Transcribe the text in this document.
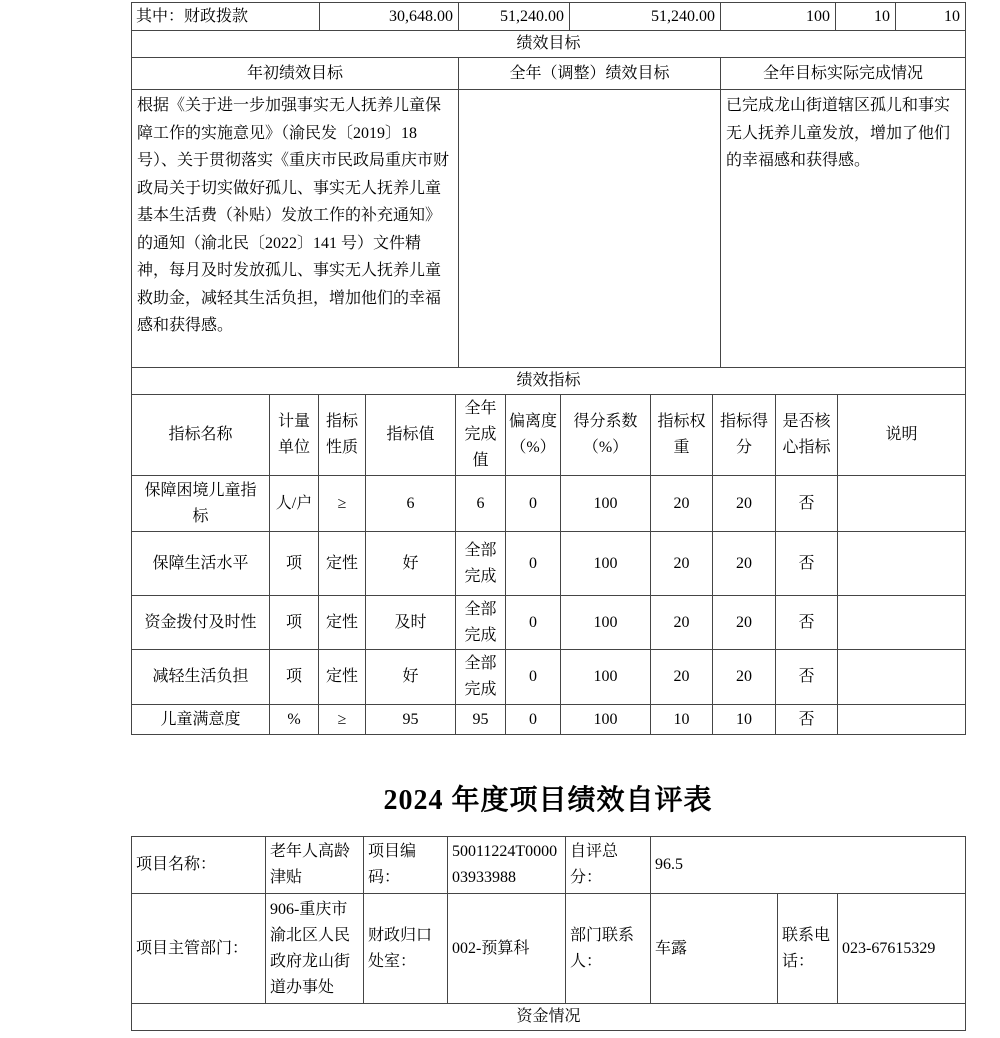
其中：财政拨款	30,648.00	51,240.00	51,240.00	100	10	10
绩效目标
年初绩效目标	全年（调整）绩效目标	全年目标实际完成情况
根据《关于进一步加强事实无人抚养儿童保障工作的实施意见》（渝民发〔2019〕18 号）、关于贯彻落实《重庆市民政局重庆市财政局关于切实做好孤儿、事实无人抚养儿童基本生活费（补贴）发放工作的补充通知》的通知（渝北民〔2022〕141 号）文件精神，每月及时发放孤儿、事实无人抚养儿童救助金，减轻其生活负担，增加他们的幸福感和获得感。		已完成龙山街道辖区孤儿和事实无人抚养儿童发放，增加了他们的幸福感和获得感。
绩效指标
指标名称	计量单位	指标性质	指标值	全年完成值	偏离度（%）	得分系数（%）	指标权重	指标得分	是否核心指标	说明
保障困境儿童指标	人/户	≥	6	6	0	100	20	20	否	
保障生活水平	项	定性	好	全部完成	0	100	20	20	否	
资金拨付及时性	项	定性	及时	全部完成	0	100	20	20	否	
减轻生活负担	项	定性	好	全部完成	0	100	20	20	否	
儿童满意度	%	≥	95	95	0	100	10	10	否	
2024 年度项目绩效自评表
项目名称：	老年人高龄津贴	项目编码：	50011224T000003933988	自评总分：	96.5		
项目主管部门：	906-重庆市渝北区人民政府龙山街道办事处	财政归口处室：	002-预算科	部门联系人：	车露	联系电话：	023-67615329
资金情况							
